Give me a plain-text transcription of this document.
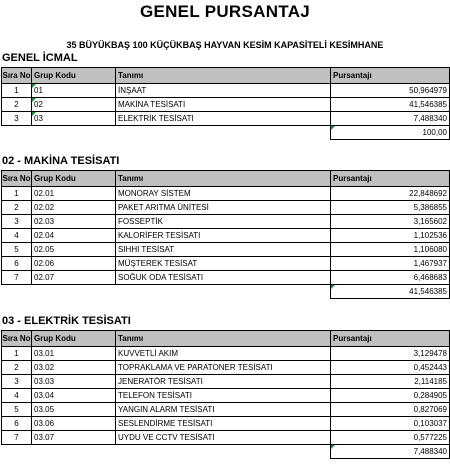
GENEL PURSANTAJ
35 BÜYÜKBAŞ 100 KÜÇÜKBAŞ HAYVAN KESİM KAPASİTELİ KESİMHANE
GENEL İCMAL
Sıra No	Grup Kodu	Tanımı	Pursantajı
1	01	İNŞAAT	50,964979
2	02	MAKİNA TESİSATI	41,546385
3	03	ELEKTRİK TESİSATI	7,488340
			100,00
02 - MAKİNA TESİSATI
Sıra No	Grup Kodu	Tanımı	Pursantajı
1	02.01	MONORAY SİSTEM	22,848692
2	02.02	PAKET ARITMA ÜNİTESİ	5,386855
3	02.03	FOSSEPTİK	3,165602
4	02.04	KALORİFER TESİSATI	1,102536
5	02.05	SIHHI TESİSAT	1,106080
6	02.06	MÜŞTEREK TESİSAT	1,467937
7	02.07	SOĞUK ODA TESİSATI	6,468683
			41,546385
03 - ELEKTRİK TESİSATI
Sıra No	Grup Kodu	Tanımı	Pursantajı
1	03.01	KUVVETLİ AKIM	3,129478
2	03.02	TOPRAKLAMA VE PARATONER TESİSATI	0,452443
3	03.03	JENERATÖR TESİSATI	2,114185
4	03.04	TELEFON TESİSATI	0,284905
5	03.05	YANGIN ALARM TESİSATI	0,827069
6	03.06	SESLENDİRME TESİSATI	0,103037
7	03.07	UYDU VE CCTV TESİSATI	0,577225
			7,488340
